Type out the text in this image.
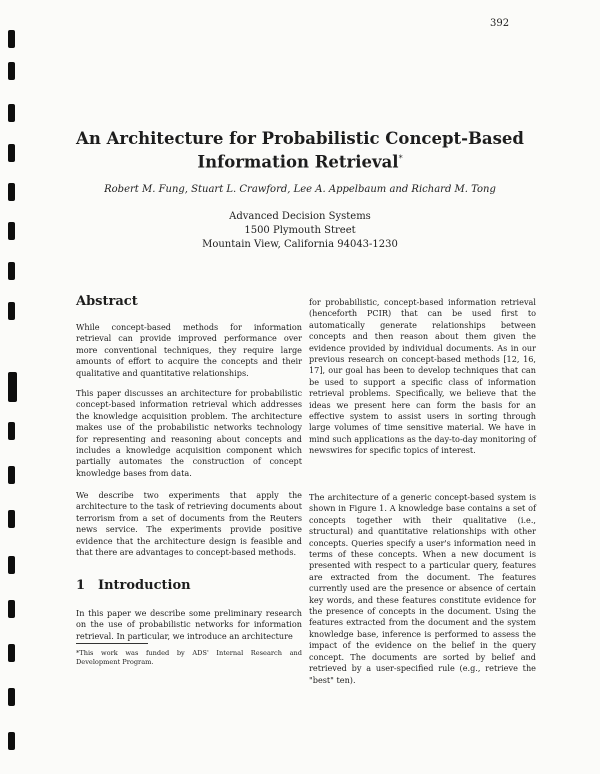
392
An Architecture for Probabilistic Concept-Based
Information Retrieval*
Robert M. Fung, Stuart L. Crawford, Lee A. Appelbaum and Richard M. Tong
Advanced Decision Systems
1500 Plymouth Street
Mountain View, California 94043-1230
Abstract

While concept-based methods for information retrieval can provide improved performance over more conventional techniques, they require large amounts of effort to acquire the concepts and their qualitative and quantitative relationships.

This paper discusses an architecture for probabilistic concept-based information retrieval which addresses the knowledge acquisition problem. The architecture makes use of the probabilistic networks technology for representing and reasoning about concepts and includes a knowledge acquisition component which partially automates the construction of concept knowledge bases from data.

We describe two experiments that apply the architecture to the task of retrieving documents about terrorism from a set of documents from the Reuters news service. The experiments provide positive evidence that the architecture design is feasible and that there are advantages to concept-based methods.

1 Introduction

In this paper we describe some preliminary research on the use of probabilistic networks for information retrieval. In particular, we introduce an architecture

*This work was funded by ADS' Internal Research and Development Program.

for probabilistic, concept-based information retrieval (henceforth PCIR) that can be used first to automatically generate relationships between concepts and then reason about them given the evidence provided by individual documents. As in our previous research on concept-based methods [12, 16, 17], our goal has been to develop techniques that can be used to support a specific class of information retrieval problems. Specifically, we believe that the ideas we present here can form the basis for an effective system to assist users in sorting through large volumes of time sensitive material. We have in mind such applications as the day-to-day monitoring of newswires for specific topics of interest.

The architecture of a generic concept-based system is shown in Figure 1. A knowledge base contains a set of concepts together with their qualitative (i.e., structural) and quantitative relationships with other concepts. Queries specify a user's information need in terms of these concepts. When a new document is presented with respect to a particular query, features are extracted from the document. The features currently used are the presence or absence of certain key words, and these features constitute evidence for the presence of concepts in the document. Using the features extracted from the document and the system knowledge base, inference is performed to assess the impact of the evidence on the belief in the query concept. The documents are sorted by belief and retrieved by a user-specified rule (e.g., retrieve the "best" ten).
